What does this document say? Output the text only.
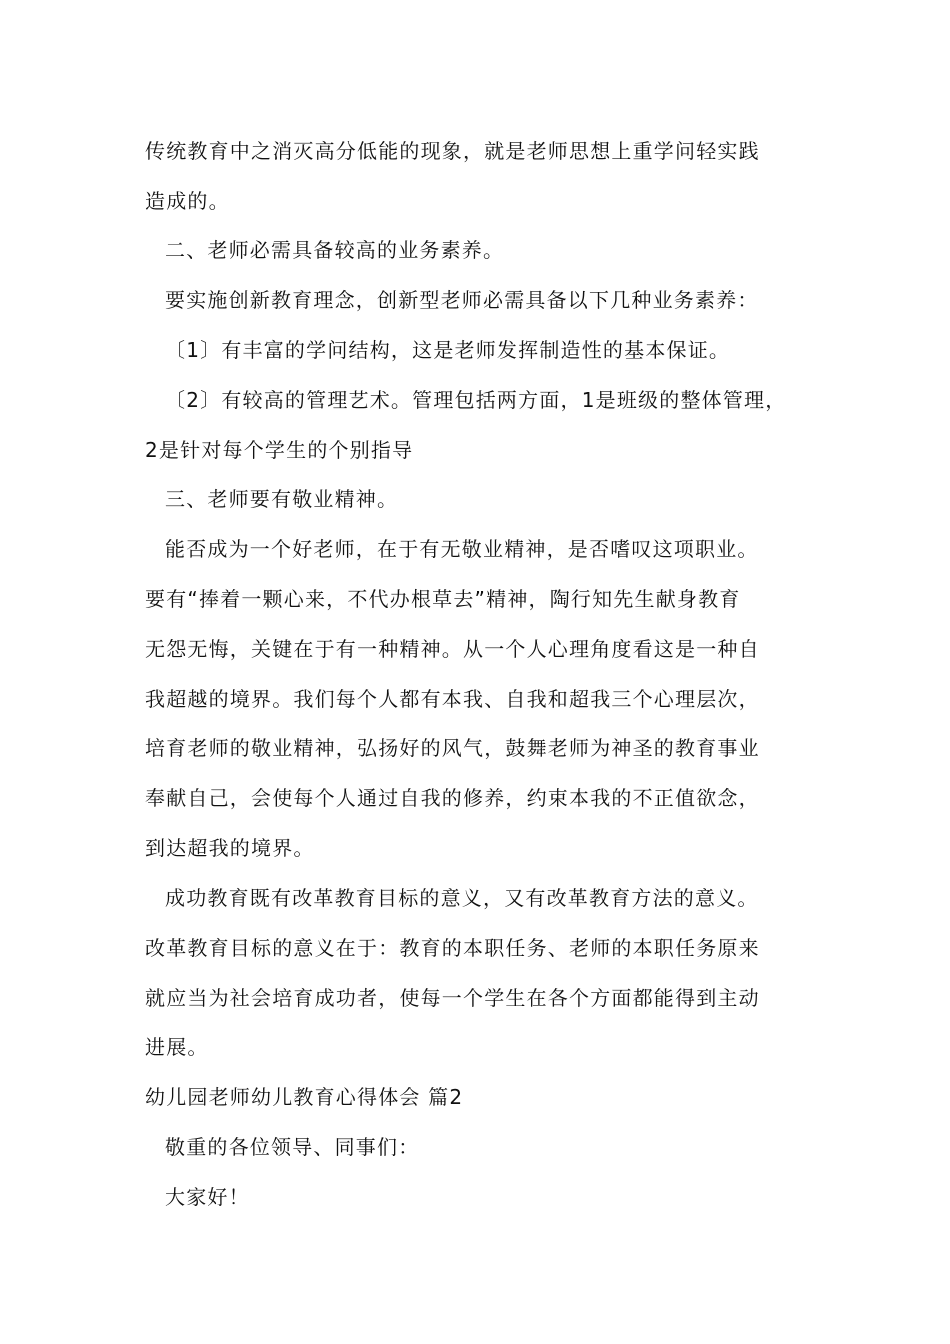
传统教育中之消灭高分低能的现象，就是老师思想上重学问轻实践
造成的。
二、老师必需具备较高的业务素养。
要实施创新教育理念，创新型老师必需具备以下几种业务素养：
〔1〕有丰富的学问结构，这是老师发挥制造性的基本保证。
〔2〕有较高的管理艺术。管理包括两方面，1是班级的整体管理，
2是针对每个学生的个别指导
三、老师要有敬业精神。
能否成为一个好老师，在于有无敬业精神，是否嗜叹这项职业。
要有“捧着一颗心来，不代办根草去”精神，陶行知先生献身教育
无怨无悔，关键在于有一种精神。从一个人心理角度看这是一种自
我超越的境界。我们每个人都有本我、自我和超我三个心理层次，
培育老师的敬业精神，弘扬好的风气，鼓舞老师为神圣的教育事业
奉献自己，会使每个人通过自我的修养，约束本我的不正值欲念，
到达超我的境界。
成功教育既有改革教育目标的意义，又有改革教育方法的意义。
改革教育目标的意义在于：教育的本职任务、老师的本职任务原来
就应当为社会培育成功者，使每一个学生在各个方面都能得到主动
进展。
幼儿园老师幼儿教育心得体会 篇2
敬重的各位领导、同事们：
大家好！
